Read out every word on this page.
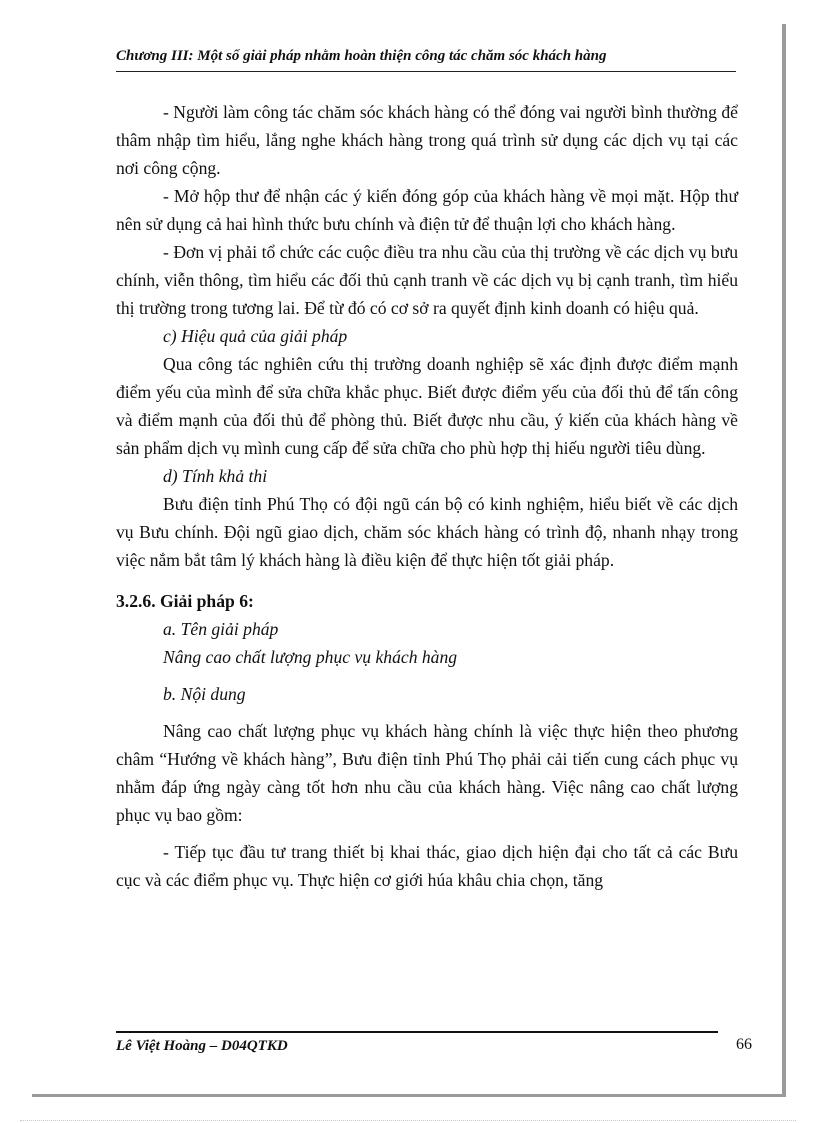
Chương III: Một số giải pháp nhằm hoàn thiện công tác chăm sóc khách hàng

- Người làm công tác chăm sóc khách hàng có thể đóng vai người bình thường để thâm nhập tìm hiểu, lắng nghe khách hàng trong quá trình sử dụng các dịch vụ tại các nơi công cộng.

- Mở hộp thư để nhận các ý kiến đóng góp của khách hàng về mọi mặt. Hộp thư nên sử dụng cả hai hình thức bưu chính và điện tử để thuận lợi cho khách hàng.

- Đơn vị phải tổ chức các cuộc điều tra nhu cầu của thị trường về các dịch vụ bưu chính, viễn thông, tìm hiểu các đối thủ cạnh tranh về các dịch vụ bị cạnh tranh, tìm hiểu thị trường trong tương lai. Để từ đó có cơ sở ra quyết định kinh doanh có hiệu quả.

c) Hiệu quả của giải pháp

Qua công tác nghiên cứu thị trường doanh nghiệp sẽ xác định được điểm mạnh điểm yếu của mình để sửa chữa khắc phục. Biết được điểm yếu của đối thủ để tấn công và điểm mạnh của đối thủ để phòng thủ. Biết được nhu cầu, ý kiến của khách hàng về sản phẩm dịch vụ mình cung cấp để sửa chữa cho phù hợp thị hiếu người tiêu dùng.

d) Tính khả thi

Bưu điện tỉnh Phú Thọ có đội ngũ cán bộ có kinh nghiệm, hiểu biết về các dịch vụ Bưu chính. Đội ngũ giao dịch, chăm sóc khách hàng có trình độ, nhanh nhạy trong việc nắm bắt tâm lý khách hàng là điều kiện để thực hiện tốt giải pháp.

3.2.6. Giải pháp 6:

a. Tên giải pháp

Nâng cao chất lượng phục vụ khách hàng

b. Nội dung

Nâng cao chất lượng phục vụ khách hàng chính là việc thực hiện theo phương châm “Hướng về khách hàng”, Bưu điện tỉnh Phú Thọ phải cải tiến cung cách phục vụ nhằm đáp ứng ngày càng tốt hơn nhu cầu của khách hàng. Việc nâng cao chất lượng phục vụ bao gồm:

- Tiếp tục đầu tư trang thiết bị khai thác, giao dịch hiện đại cho tất cả các Bưu cục và các điểm phục vụ. Thực hiện cơ giới húa khâu chia chọn, tăng

Lê Việt Hoàng – D04QTKD	66
